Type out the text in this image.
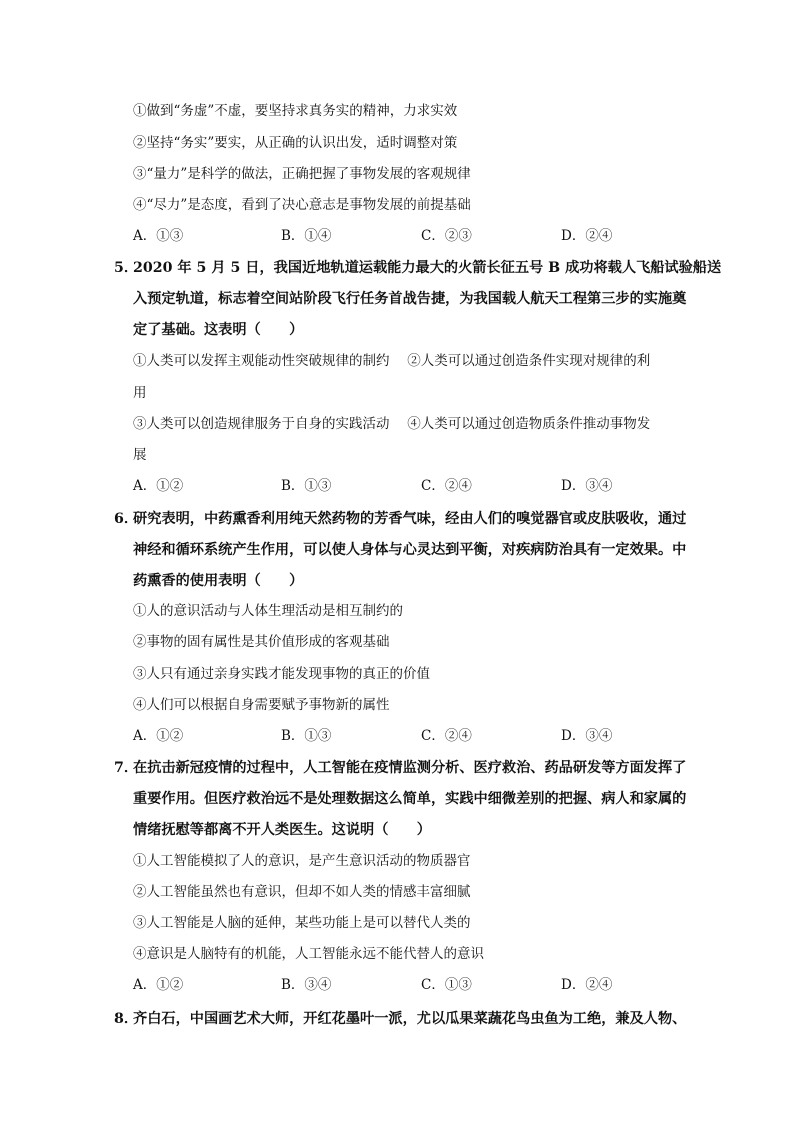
①做到“务虚”不虚，要坚持求真务实的精神，力求实效
②坚持“务实”要实，从正确的认识出发，适时调整对策
③“量力”是科学的做法，正确把握了事物发展的客观规律
④“尽力”是态度，看到了决心意志是事物发展的前提基础
A．①③	B．①④	C．②③	D．②④
5．
2020 年 5 月 5 日，我国近地轨道运载能力最大的火箭长征五号 B 成功将载人飞船试验船送
入预定轨道，标志着空间站阶段飞行任务首战告捷，为我国载人航天工程第三步的实施奠
定了基础。这表明（　　）
①人类可以发挥主观能动性突破规律的制约　 ②人类可以通过创造条件实现对规律的利
用
③人类可以创造规律服务于自身的实践活动　 ④人类可以通过创造物质条件推动事物发
展
A．①②	B．①③	C．②④	D．③④
6．
研究表明，中药熏香利用纯天然药物的芳香气味，经由人们的嗅觉器官或皮肤吸收，通过
神经和循环系统产生作用，可以使人身体与心灵达到平衡，对疾病防治具有一定效果。中
药熏香的使用表明（　　）
①人的意识活动与人体生理活动是相互制约的
②事物的固有属性是其价值形成的客观基础
③人只有通过亲身实践才能发现事物的真正的价值
④人们可以根据自身需要赋予事物新的属性
A．①②	B．①③	C．②④	D．③④
7．
在抗击新冠疫情的过程中，人工智能在疫情监测分析、医疗救治、药品研发等方面发挥了
重要作用。但医疗救治远不是处理数据这么简单，实践中细微差别的把握、病人和家属的
情绪抚慰等都离不开人类医生。这说明（　　）
①人工智能模拟了人的意识，是产生意识活动的物质器官
②人工智能虽然也有意识，但却不如人类的情感丰富细腻
③人工智能是人脑的延伸，某些功能上是可以替代人类的
④意识是人脑特有的机能，人工智能永远不能代替人的意识
A．①②	B．③④	C．①③	D．②④
8．
齐白石，中国画艺术大师，开红花墨叶一派，尤以瓜果菜蔬花鸟虫鱼为工绝，兼及人物、
